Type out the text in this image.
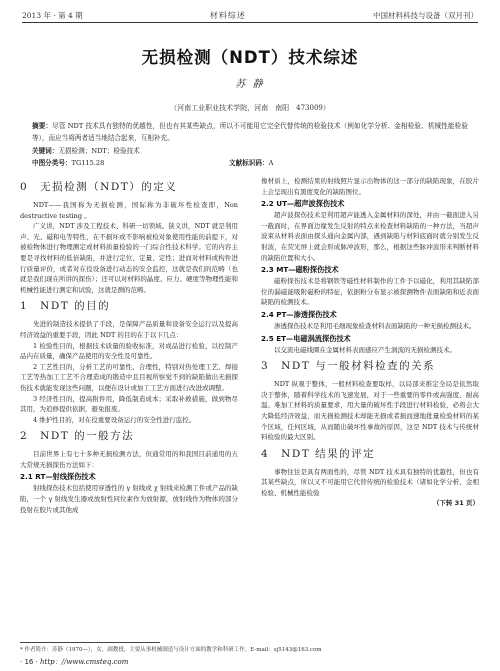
2013 年 · 第 4 期	材料综述	中国材料科技与设备（双月刊）
无损检测（NDT）技术综述
苏 静
（河南工业职业技术学院，河南　南阳　473009）
摘要：尽管 NDT 技术具有独特的优越性，但也有其某些缺点，所以不可能用它完全代替传统的检验技术（例如化学分析、金相检验、机械性能检验等），而应当将两者适当地结合起来，互相补充。
关键词：无损检测；NDT；检验技术
中图分类号：TG115.28	文献标识码：A
0　无损检测（NDT）的定义

NDT——我国称为无损检测，国际称为非破坏性检查即，Non destructive testing 。

广义讲，NDT 涉及工程技术、科研一切领域。狭义讲，NDT 就是利用声、光、磁和电等特性，在不损坏或不影响被检对象使用性能的前提下，对被检物体进行物理测定或材料质量检验的一门综合性技术科学。它的内容主要是寻找材料的低倍缺陷，并进行定位、定量、定性；进而对材料或构件进行质量评价，或者对在役设备进行动态的安全监控，这就是我们的范畴（也就是我们现在所讲的探伤）；还可以对材料的晶度、应力、硬度等物理性能和机械性能进行测定和试验，这就是测的范畴。

1　NDT 的目的

先进的制造技术提供了手段，是保障产品质量和设备安全运行以及提高经济效益的重要手段，因此 NDT 的目的在于以下几点：

1 检验性目的，根据技术质量的验收标准，对成品进行检验，以控制产品内在质量，确保产品使用的安全性及可靠性。

2 工艺性目的，分析工艺的可靠性、合理性，特别对热处理工艺、焊接工艺等热加工工艺不合理造成的锻造中且目视所察觉不到的缺陷做出无损探伤技术就能发现这些问题，以便在设计或加工工艺方面进行改进或调整。

3 经济性目的，提高附件用，降低制造成本；采取补救措施，做到物尽其用，为追修提供依据，避免报废。

4 维护性目的，对在役重要设备运行的安全性进行监控。

2　NDT 的一般方法

目前世界上有七十多种无损检测方法，但通常用的和我国目前通用的五大常规无损探伤方法如下：

2.1 RT—射线探伤技术

射线探伤技术包括使用穿透性的 γ 射线或 χ 射线来检测工件或产品的缺陷，一个 γ 射线发生器或放射性同位素作为放射源，放射线作为物体的部分投射在胶片或其他成

像材质上，检测结果的射线照片显示出物体的这一部分的缺陷现象，在胶片上会呈现出有黑度变化的缺陷图位。

2.2 UT—超声波探伤技术

超声波探伤技术是利用超声能透入金属材料的深处，并由一截面进入另一截面时，在界面边缘发生反射的特点来检查材料缺陷的一种方法，当超声波束从材料表面由探头通向金属内部，遇到缺陷与材料底面时就分别发生反射波，在荧光屏上就会形成脉冲波形，那么，根据这些脉冲波形来判断材料的缺陷位置和大小。

2.3 MT—磁粉探伤技术

磁粉探伤技术是将钢铁等磁性材料制作的工件予以磁化，利用其缺陷部位的漏磁能吸附磁粉的特征，依据粉分布显示被探测物件表面缺陷和近表面缺陷的检测技术。

2.4 PT—渗透探伤技术

渗透探伤技术是利用毛细现象检查材料表面缺陷的一种无损检测技术。

2.5 ET—电磁涡流探伤技术

以交流电磁线圈在金属材料表面感应产生涡流的无损检测技术。

3　NDT 与一般材料检查的关系

NDT 纵观于整体，一般材料检查要取样，以局部来推定全局是依然取决于整体，随着科学技术的飞速发展，对于一些重要的零件或高强度、耐高温、难加工材料的质量要求，用大量的破坏性手段进行材料检验，必将会大大降低经济效益，而无损检测技术却能无损或者损而速地批量检验材料的某个区域，任何区域，从而随出破坏性事故的原因，这是 NDT 技术与传统材料检验的最大区别。

4　NDT 结果的评定

事物往往是具有两面性的，尽管 NDT 技术具有独特的优越性，但也有其某些缺点，所以又不可能用它代替传统的检验技术（诸如化学分析、金相检验、机械性能检验

（下转 31 页）
* 作者简介：苏静（1970—），女，副教授，主要从事机械制造与设计方面的教学和科研工作。E-mail：sj5143@163.com
· 16 · http：//www.cmsteq.com
